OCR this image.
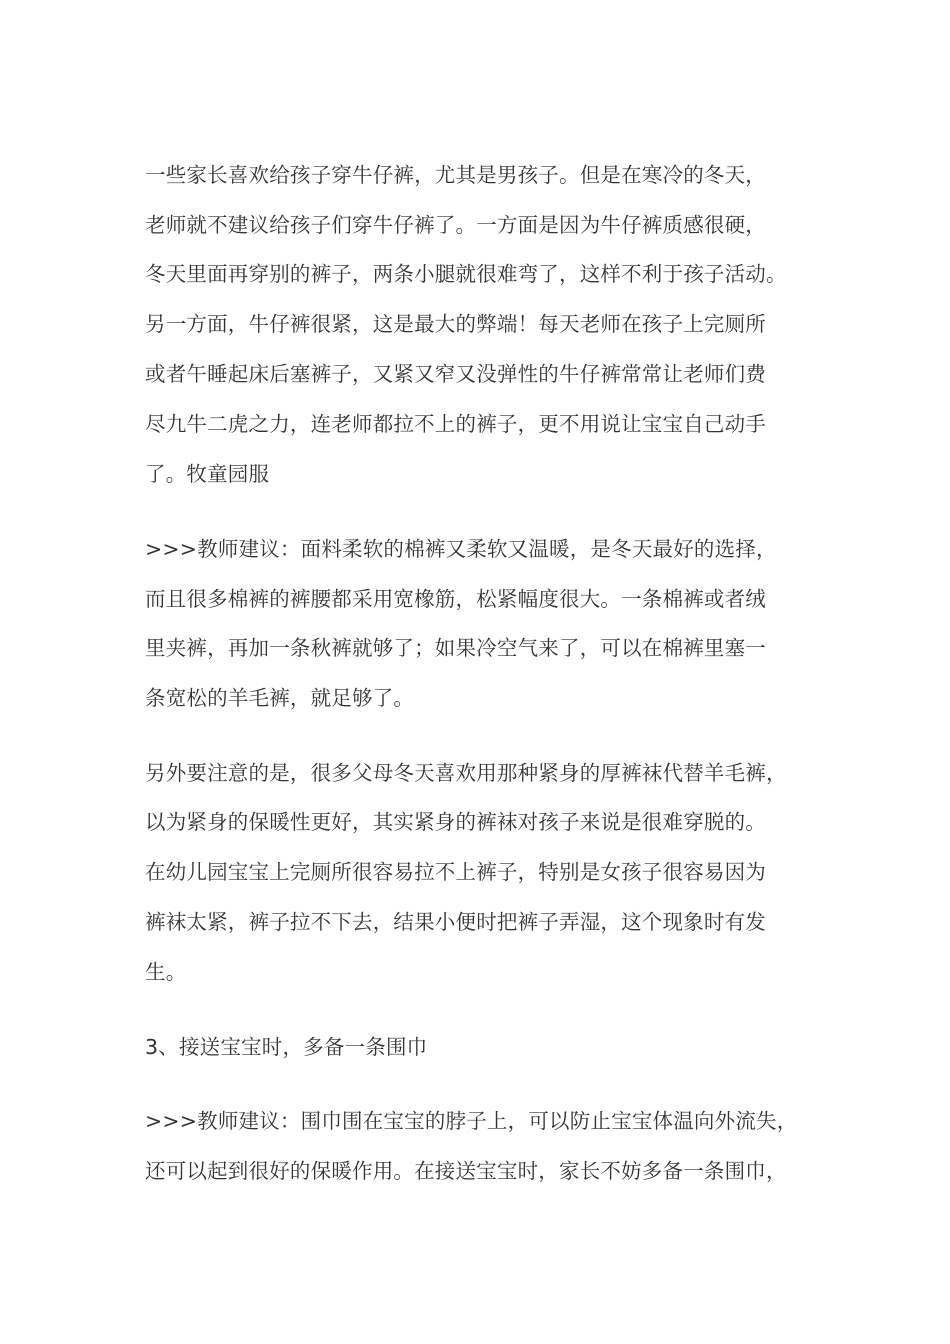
一些家长喜欢给孩子穿牛仔裤，尤其是男孩子。但是在寒冷的冬天，
老师就不建议给孩子们穿牛仔裤了。一方面是因为牛仔裤质感很硬，
冬天里面再穿别的裤子，两条小腿就很难弯了，这样不利于孩子活动。
另一方面，牛仔裤很紧，这是最大的弊端！每天老师在孩子上完厕所
或者午睡起床后塞裤子，又紧又窄又没弹性的牛仔裤常常让老师们费
尽九牛二虎之力，连老师都拉不上的裤子，更不用说让宝宝自己动手
了。牧童园服
>>>教师建议：面料柔软的棉裤又柔软又温暖，是冬天最好的选择，
而且很多棉裤的裤腰都采用宽橡筋，松紧幅度很大。一条棉裤或者绒
里夹裤，再加一条秋裤就够了；如果冷空气来了，可以在棉裤里塞一
条宽松的羊毛裤，就足够了。
另外要注意的是，很多父母冬天喜欢用那种紧身的厚裤袜代替羊毛裤，
以为紧身的保暖性更好，其实紧身的裤袜对孩子来说是很难穿脱的。
在幼儿园宝宝上完厕所很容易拉不上裤子，特别是女孩子很容易因为
裤袜太紧，裤子拉不下去，结果小便时把裤子弄湿，这个现象时有发
生。
3、接送宝宝时，多备一条围巾
>>>教师建议：围巾围在宝宝的脖子上，可以防止宝宝体温向外流失，
还可以起到很好的保暖作用。在接送宝宝时，家长不妨多备一条围巾，
